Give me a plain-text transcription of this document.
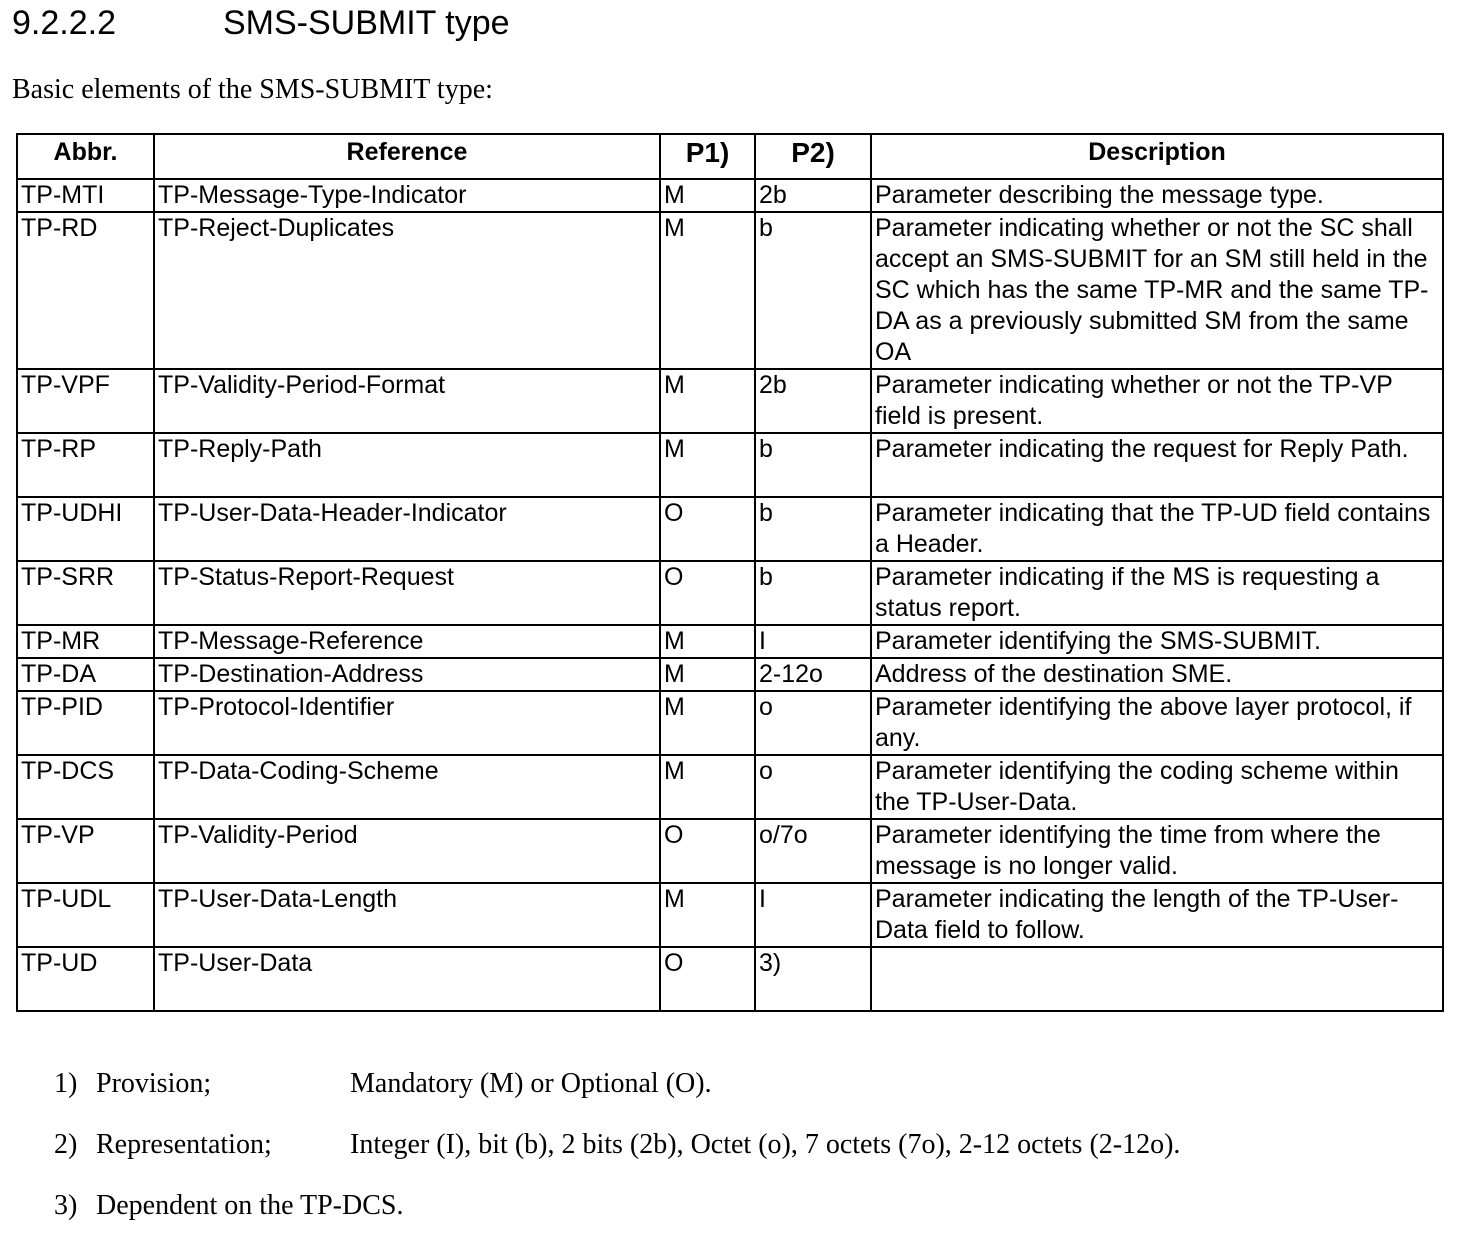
9.2.2.2	SMS-SUBMIT type
Basic elements of the SMS-SUBMIT type:
Abbr.	Reference	P1)	P2)	Description
TP-MTI	TP-Message-Type-Indicator	M	2b	Parameter describing the message type.
TP-RD	TP-Reject-Duplicates	M	b	Parameter indicating whether or not the SC shall accept an SMS-SUBMIT for an SM still held in the SC which has the same TP-MR and the same TP-DA as a previously submitted SM from the same OA
TP-VPF	TP-Validity-Period-Format	M	2b	Parameter indicating whether or not the TP-VP field is present.
TP-RP	TP-Reply-Path	M	b	Parameter indicating the request for Reply Path.
TP-UDHI	TP-User-Data-Header-Indicator	O	b	Parameter indicating that the TP-UD field contains a Header.
TP-SRR	TP-Status-Report-Request	O	b	Parameter indicating if the MS is requesting a status report.
TP-MR	TP-Message-Reference	M	I	Parameter identifying the SMS-SUBMIT.
TP-DA	TP-Destination-Address	M	2-12o	Address of the destination SME.
TP-PID	TP-Protocol-Identifier	M	o	Parameter identifying the above layer protocol, if any.
TP-DCS	TP-Data-Coding-Scheme	M	o	Parameter identifying the coding scheme within the TP-User-Data.
TP-VP	TP-Validity-Period	O	o/7o	Parameter identifying the time from where the message is no longer valid.
TP-UDL	TP-User-Data-Length	M	I	Parameter indicating the length of the TP-User-Data field to follow.
TP-UD	TP-User-Data	O	3)	
1) Provision;	Mandatory (M) or Optional (O).
2) Representation;	Integer (I), bit (b), 2 bits (2b), Octet (o), 7 octets (7o), 2-12 octets (2-12o).
3) Dependent on the TP-DCS.
